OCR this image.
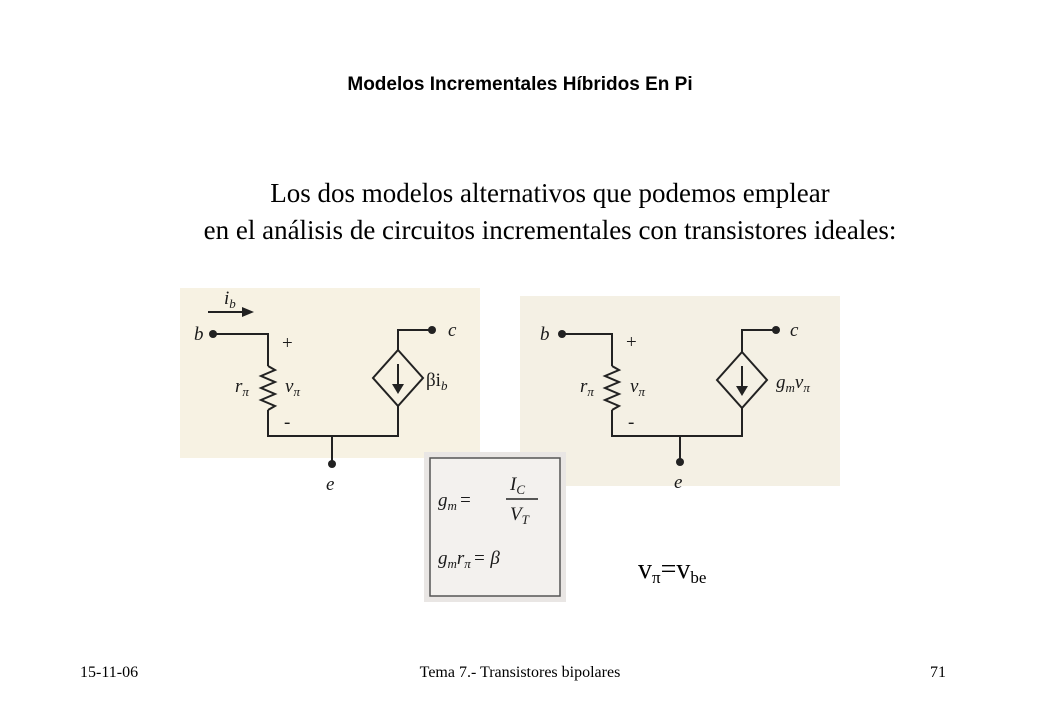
Modelos Incrementales Híbridos En Pi
Los dos modelos alternativos que podemos emplear
en el análisis de circuitos incrementales con transistores ideales:
$i_b$
b
$r_\pi$
+
$v_\pi$
-
c
$\beta i_b$
e
b
$r_\pi$
+
$v_\pi$
-
c
$g_mv_\pi$
e
$g_m$ =
$I_C$
$V_T$
$g_mr_\pi = \beta$	$v_\pi=v_{be}$
15-11-06	Tema 7.- Transistores bipolares	71
